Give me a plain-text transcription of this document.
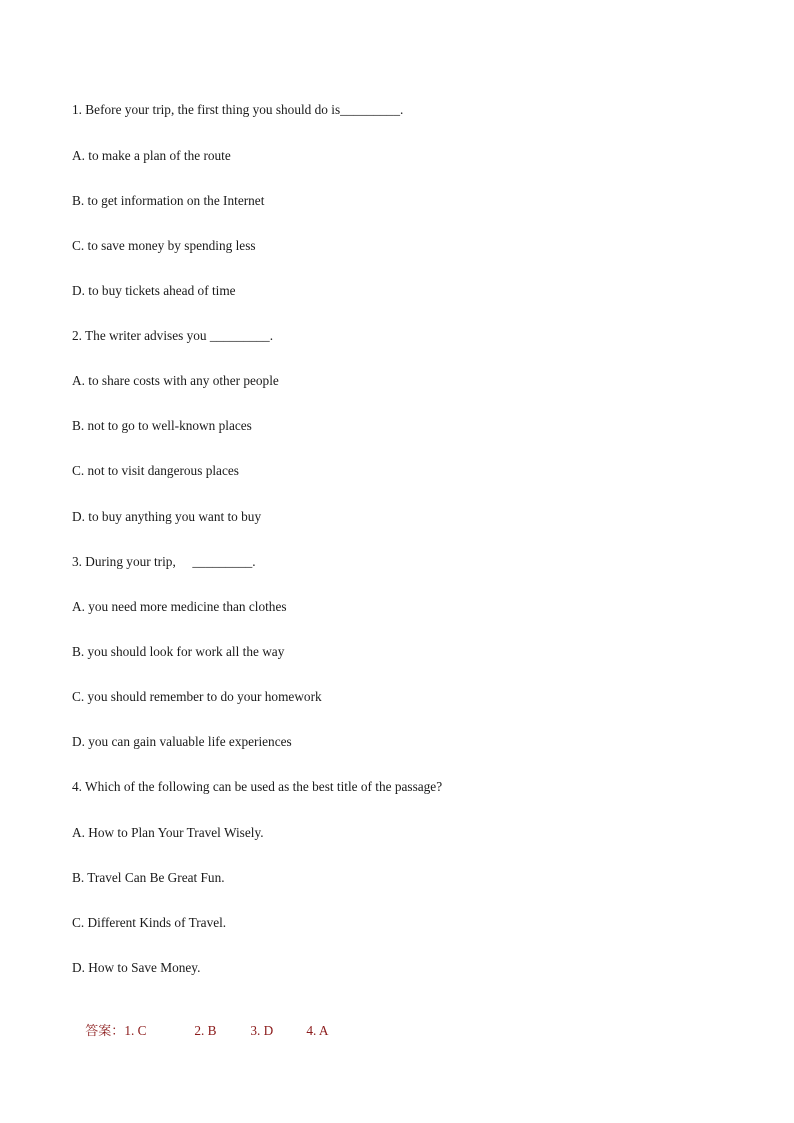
1. Before your trip, the first thing you should do is_________.
A. to make a plan of the route
B. to get information on the Internet
C. to save money by spending less
D. to buy tickets ahead of time
2. The writer advises you _________.
A. to share costs with any other people
B. not to go to well-known places
C. not to visit dangerous places
D. to buy anything you want to buy
3. During your trip,     _________.
A. you need more medicine than clothes
B. you should look for work all the way
C. you should remember to do your homework
D. you can gain valuable life experiences
4. Which of the following can be used as the best title of the passage?
A. How to Plan Your Travel Wisely.
B. Travel Can Be Great Fun.
C. Different Kinds of Travel.
D. How to Save Money.

答案：1. C	2. B	3. D 4. A
